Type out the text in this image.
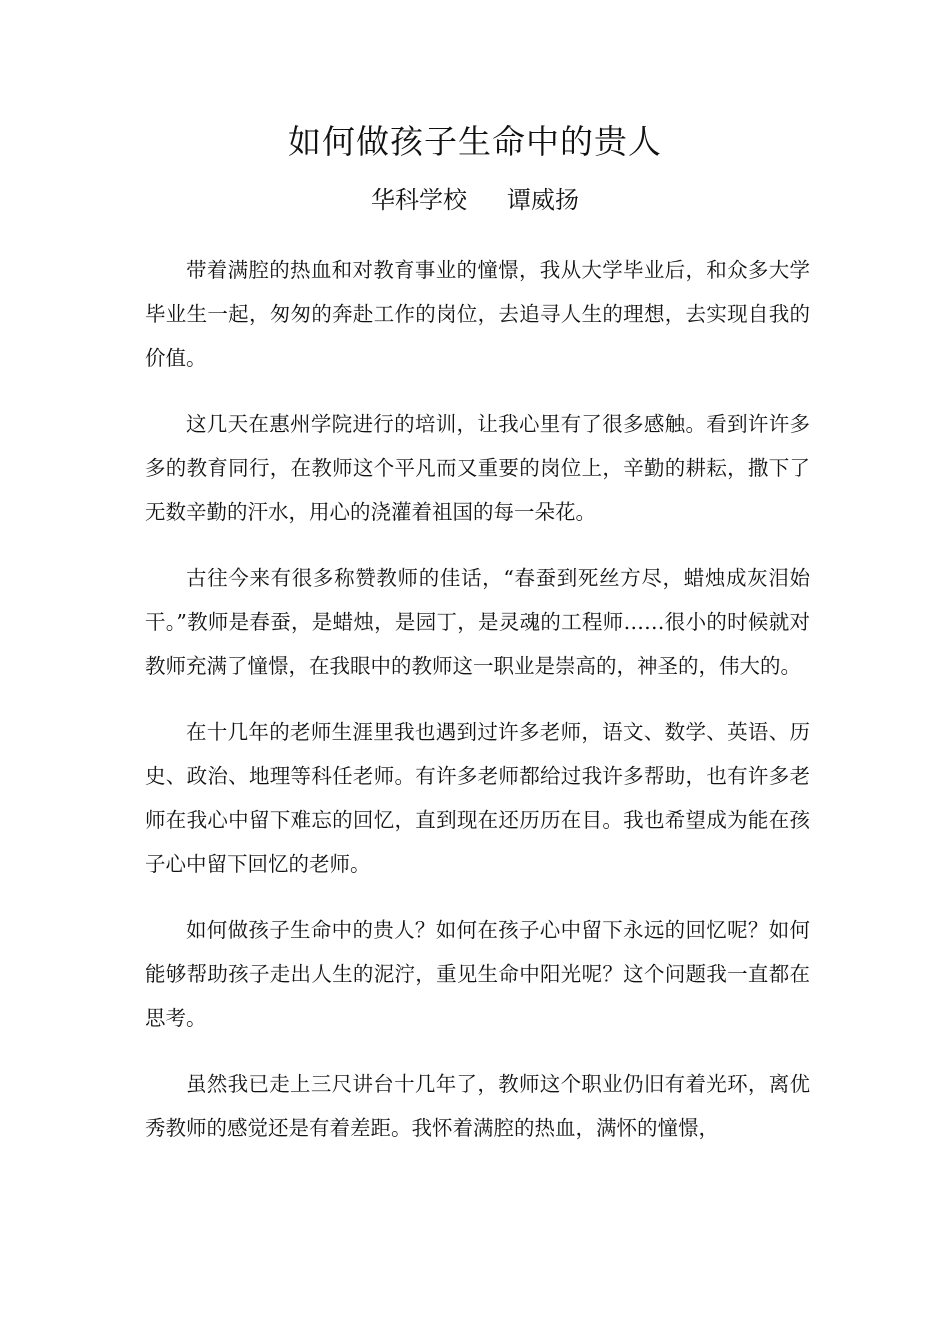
如何做孩子生命中的贵人
华科学校 谭威扬

带着满腔的热血和对教育事业的憧憬，我从大学毕业后，和众多大学毕业生一起，匆匆的奔赴工作的岗位，去追寻人生的理想，去实现自我的价值。

这几天在惠州学院进行的培训，让我心里有了很多感触。看到许许多多的教育同行，在教师这个平凡而又重要的岗位上，辛勤的耕耘，撒下了无数辛勤的汗水，用心的浇灌着祖国的每一朵花。

古往今来有很多称赞教师的佳话，“春蚕到死丝方尽，蜡烛成灰泪始干。”教师是春蚕，是蜡烛，是园丁，是灵魂的工程师……很小的时候就对教师充满了憧憬，在我眼中的教师这一职业是崇高的，神圣的，伟大的。

在十几年的老师生涯里我也遇到过许多老师，语文、数学、英语、历史、政治、地理等科任老师。有许多老师都给过我许多帮助，也有许多老师在我心中留下难忘的回忆，直到现在还历历在目。我也希望成为能在孩子心中留下回忆的老师。

如何做孩子生命中的贵人？如何在孩子心中留下永远的回忆呢？如何能够帮助孩子走出人生的泥泞，重见生命中阳光呢？这个问题我一直都在思考。

虽然我已走上三尺讲台十几年了，教师这个职业仍旧有着光环，离优秀教师的感觉还是有着差距。我怀着满腔的热血，满怀的憧憬，
